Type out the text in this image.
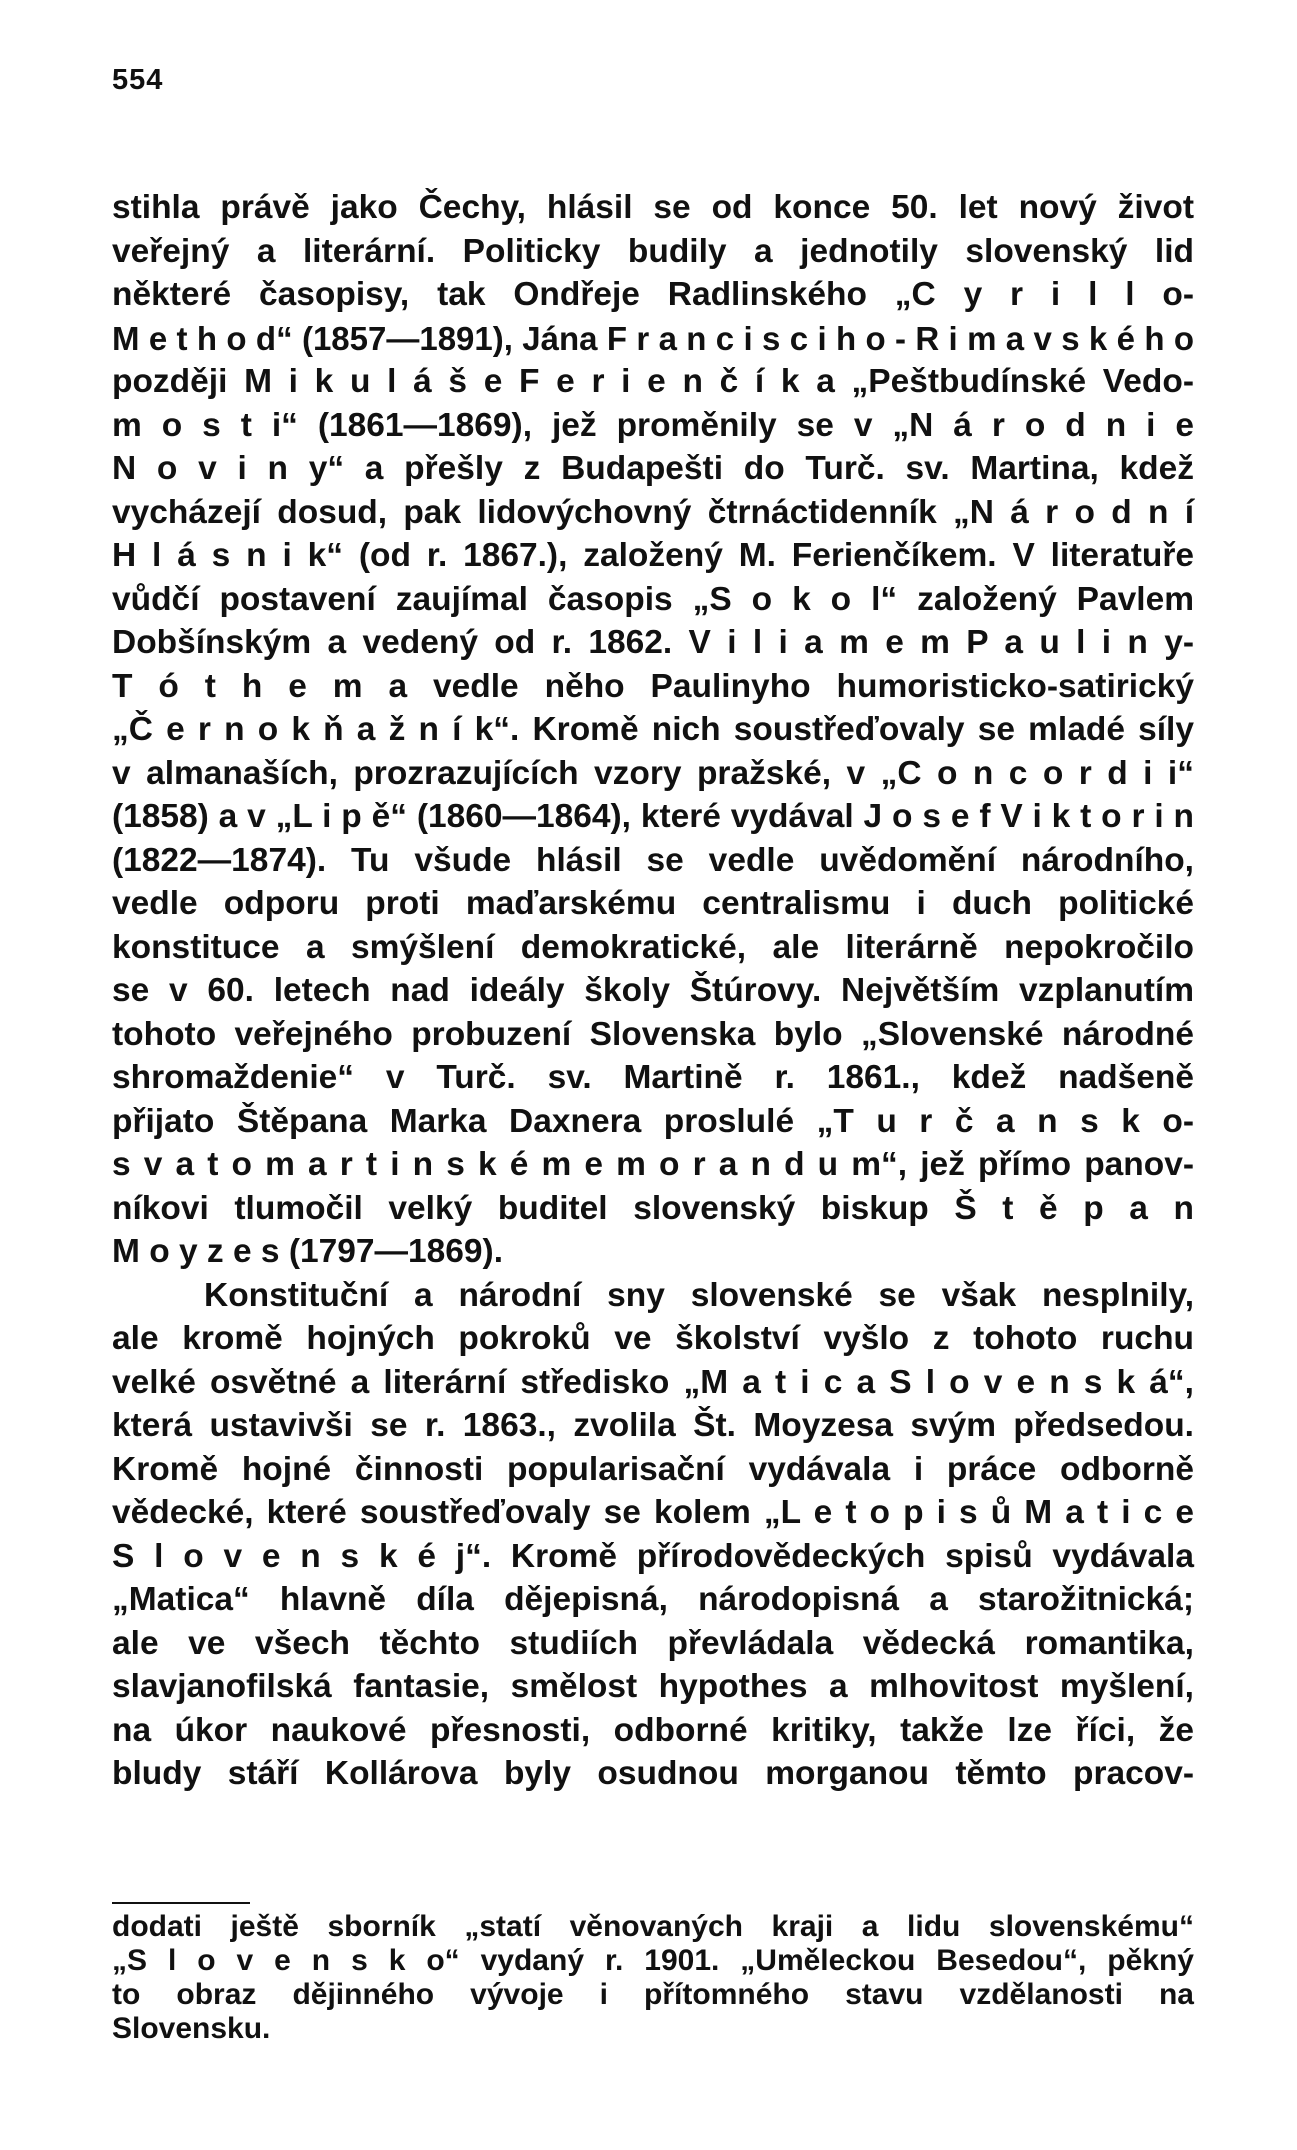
554
stihla právě jako Čechy, hlásil se od konce 50. let nový život
veřejný a literární. Politicky budily a jednotily slovenský lid
některé časopisy, tak Ondřeje Radlinského „C y r i l l o-
M e t h o d“ (1857—1891), Jána F r a n c i s c i h o - R i m a v s k é h o
později M i k u l á š e F e r i e n č í k a „Peštbudínské Vedo-
m o s t i“ (1861—1869), jež proměnily se v „N á r o d n i e
N o v i n y“ a přešly z Budapešti do Turč. sv. Martina, kdež
vycházejí dosud, pak lidovýchovný čtrnáctidenník „N á r o d n í
H l á s n i k“ (od r. 1867.), založený M. Ferienčíkem. V literatuře
vůdčí postavení zaujímal časopis „S o k o l“ založený Pavlem
Dobšínským a vedený od r. 1862. V i l i a m e m P a u l i n y-
T ó t h e m a vedle něho Paulinyho humoristicko-satirický
„Č e r n o k ň a ž n í k“. Kromě nich soustřeďovaly se mladé síly
v almanaších, prozrazujících vzory pražské, v „C o n c o r d i i“
(1858) a v „L i p ě“ (1860—1864), které vydával J o s e f V i k t o r i n
(1822—1874). Tu všude hlásil se vedle uvědomění národního,
vedle odporu proti maďarskému centralismu i duch politické
konstituce a smýšlení demokratické, ale literárně nepokročilo
se v 60. letech nad ideály školy Štúrovy. Největším vzplanutím
tohoto veřejného probuzení Slovenska bylo „Slovenské národné
shromaždenie“ v Turč. sv. Martině r. 1861., kdež nadšeně
přijato Štěpana Marka Daxnera proslulé „T u r č a n s k o-
s v a t o m a r t i n s k é m e m o r a n d u m“, jež přímo panov-
níkovi tlumočil velký buditel slovenský biskup Š t ě p a n
M o y z e s (1797—1869).
Konstituční a národní sny slovenské se však nesplnily,
ale kromě hojných pokroků ve školství vyšlo z tohoto ruchu
velké osvětné a literární středisko „M a t i c a S l o v e n s k á“,
která ustavivši se r. 1863., zvolila Št. Moyzesa svým předsedou.
Kromě hojné činnosti popularisační vydávala i práce odborně
vědecké, které soustřeďovaly se kolem „L e t o p i s ů M a t i c e
S l o v e n s k é j“. Kromě přírodovědeckých spisů vydávala
„Matica“ hlavně díla dějepisná, národopisná a starožitnická;
ale ve všech těchto studiích převládala vědecká romantika,
slavjanofilská fantasie, smělost hypothes a mlhovitost myšlení,
na úkor naukové přesnosti, odborné kritiky, takže lze říci, že
bludy stáří Kollárova byly osudnou morganou těmto pracov-
dodati ještě sborník „statí věnovaných kraji a lidu slovenskému“
„S l o v e n s k o“ vydaný r. 1901. „Uměleckou Besedou“, pěkný
to obraz dějinného vývoje i přítomného stavu vzdělanosti na
Slovensku.
